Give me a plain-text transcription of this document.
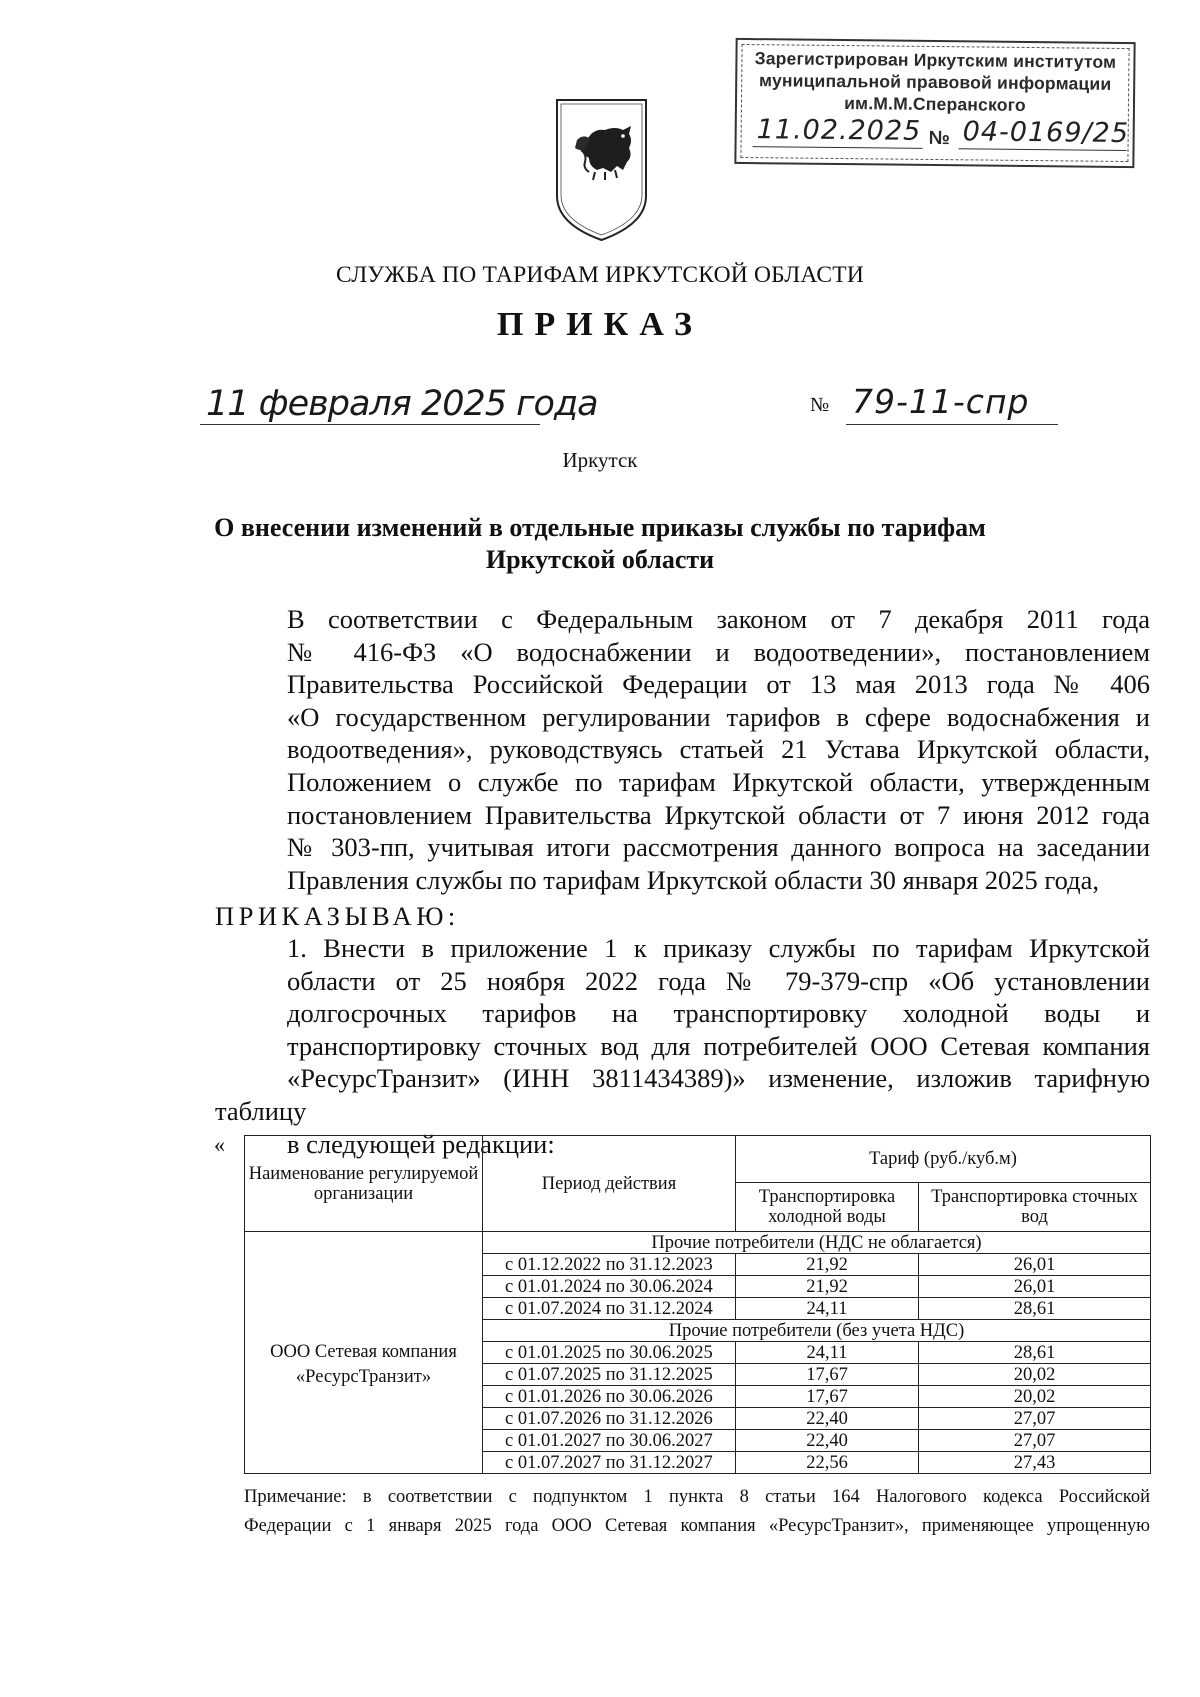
Зарегистрирован Иркутским институтом
муниципальной правовой информации
им.М.М.Сперанского
11.02.2025 № 04-0169/25
СЛУЖБА ПО ТАРИФАМ ИРКУТСКОЙ ОБЛАСТИ
ПРИКАЗ
11 февраля 2025 года	№ 79-11-спр
Иркутск
О внесении изменений в отдельные приказы службы по тарифам
Иркутской области

В соответствии с Федеральным законом от 7 декабря 2011 года

№ 416-ФЗ «О водоснабжении и водоотведении», постановлением

Правительства Российской Федерации от 13 мая 2013 года № 406

«О государственном регулировании тарифов в сфере водоснабжения и

водоотведения», руководствуясь статьей 21 Устава Иркутской области,

Положением о службе по тарифам Иркутской области, утвержденным

постановлением Правительства Иркутской области от 7 июня 2012 года

№ 303-пп, учитывая итоги рассмотрения данного вопроса на заседании

Правления службы по тарифам Иркутской области 30 января 2025 года,

ПРИКАЗЫВАЮ:

1. Внести в приложение 1 к приказу службы по тарифам Иркутской

области от 25 ноября 2022 года № 79-379-спр «Об установлении

долгосрочных тарифов на транспортировку холодной воды и

транспортировку сточных вод для потребителей ООО Сетевая компания

«РесурсТранзит» (ИНН 3811434389)» изменение, изложив тарифную таблицу

в следующей редакции:

«
Наименование регулируемой организации	Период действия	Тариф (руб./куб.м)	
		Транспортировка холодной воды	Транспортировка сточных вод

ООО Сетевая компания «РесурсТранзит»	Прочие потребители (НДС не облагается)		
	с 01.12.2022 по 31.12.2023	21,92	26,01
	с 01.01.2024 по 30.06.2024	21,92	26,01
	с 01.07.2024 по 31.12.2024	24,11	28,61
	Прочие потребители (без учета НДС)		
	с 01.01.2025 по 30.06.2025	24,11	28,61
	с 01.07.2025 по 31.12.2025	17,67	20,02
	с 01.01.2026 по 30.06.2026	17,67	20,02
	с 01.07.2026 по 31.12.2026	22,40	27,07
	с 01.01.2027 по 30.06.2027	22,40	27,07
	с 01.07.2027 по 31.12.2027	22,56	27,43

Примечание: в соответствии с подпунктом 1 пункта 8 статьи 164 Налогового кодекса Российской

Федерации с 1 января 2025 года ООО Сетевая компания «РесурсТранзит», применяющее упрощенную
